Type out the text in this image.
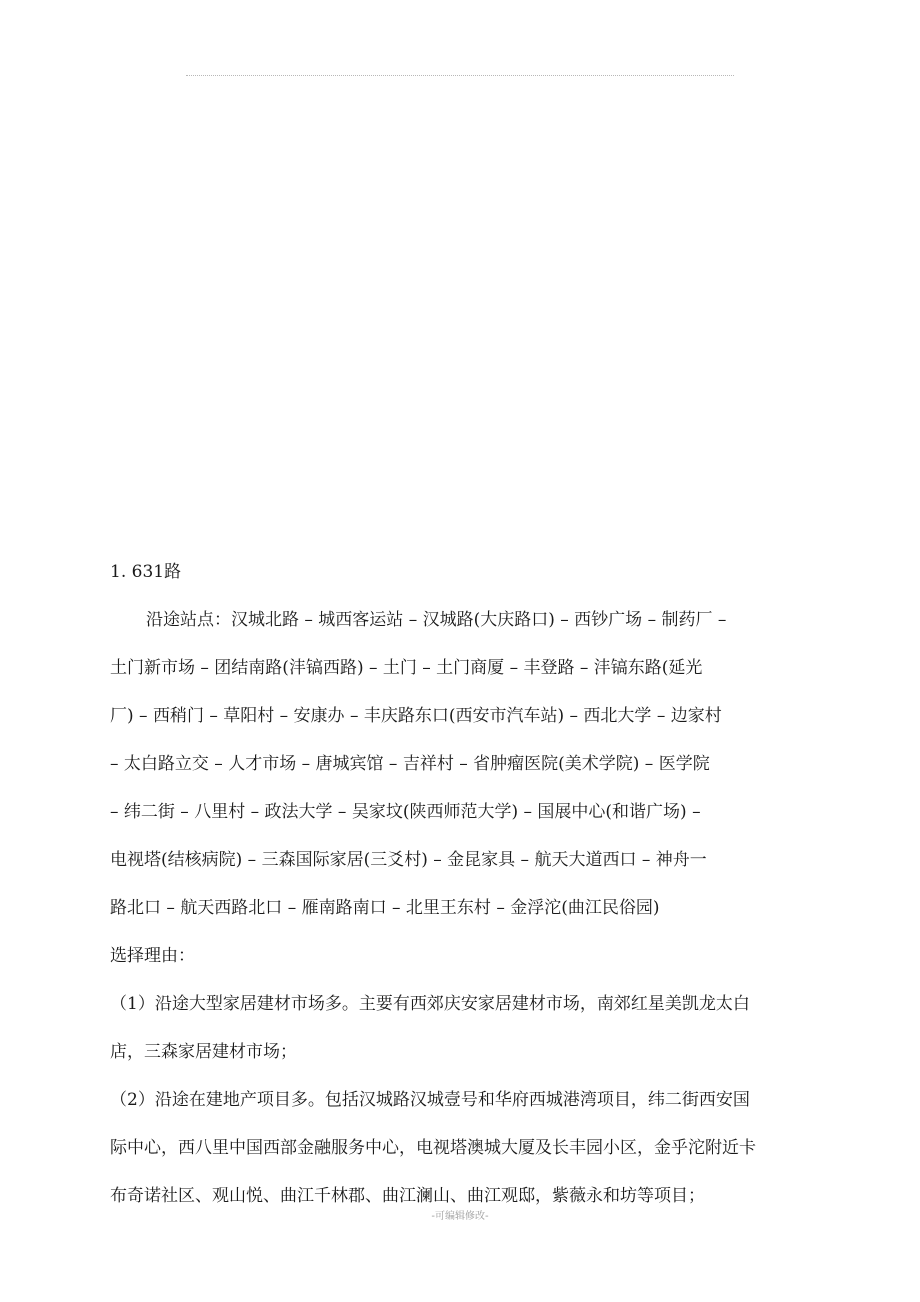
1. 631路
沿途站点：汉城北路 – 城西客运站 – 汉城路(大庆路口) – 西钞广场 – 制药厂 –
土门新市场 – 团结南路(沣镐西路) – 土门 – 土门商厦 – 丰登路 – 沣镐东路(延光
厂) – 西稍门 – 草阳村 – 安康办 – 丰庆路东口(西安市汽车站) – 西北大学 – 边家村
– 太白路立交 – 人才市场 – 唐城宾馆 – 吉祥村 – 省肿瘤医院(美术学院) – 医学院
– 纬二街 – 八里村 – 政法大学 – 吴家坟(陕西师范大学) – 国展中心(和谐广场) –
电视塔(结核病院) – 三森国际家居(三爻村) – 金昆家具 – 航天大道西口 – 神舟一
路北口 – 航天西路北口 – 雁南路南口 – 北里王东村 – 金浮沱(曲江民俗园)
选择理由：
（1）沿途大型家居建材市场多。主要有西郊庆安家居建材市场，南郊红星美凯龙太白
店，三森家居建材市场；
（2）沿途在建地产项目多。包括汉城路汉城壹号和华府西城港湾项目，纬二街西安国
际中心，西八里中国西部金融服务中心，电视塔澳城大厦及长丰园小区，金乎沱附近卡
布奇诺社区、观山悦、曲江千林郡、曲江澜山、曲江观邸，紫薇永和坊等项目；
-可编辑修改-
